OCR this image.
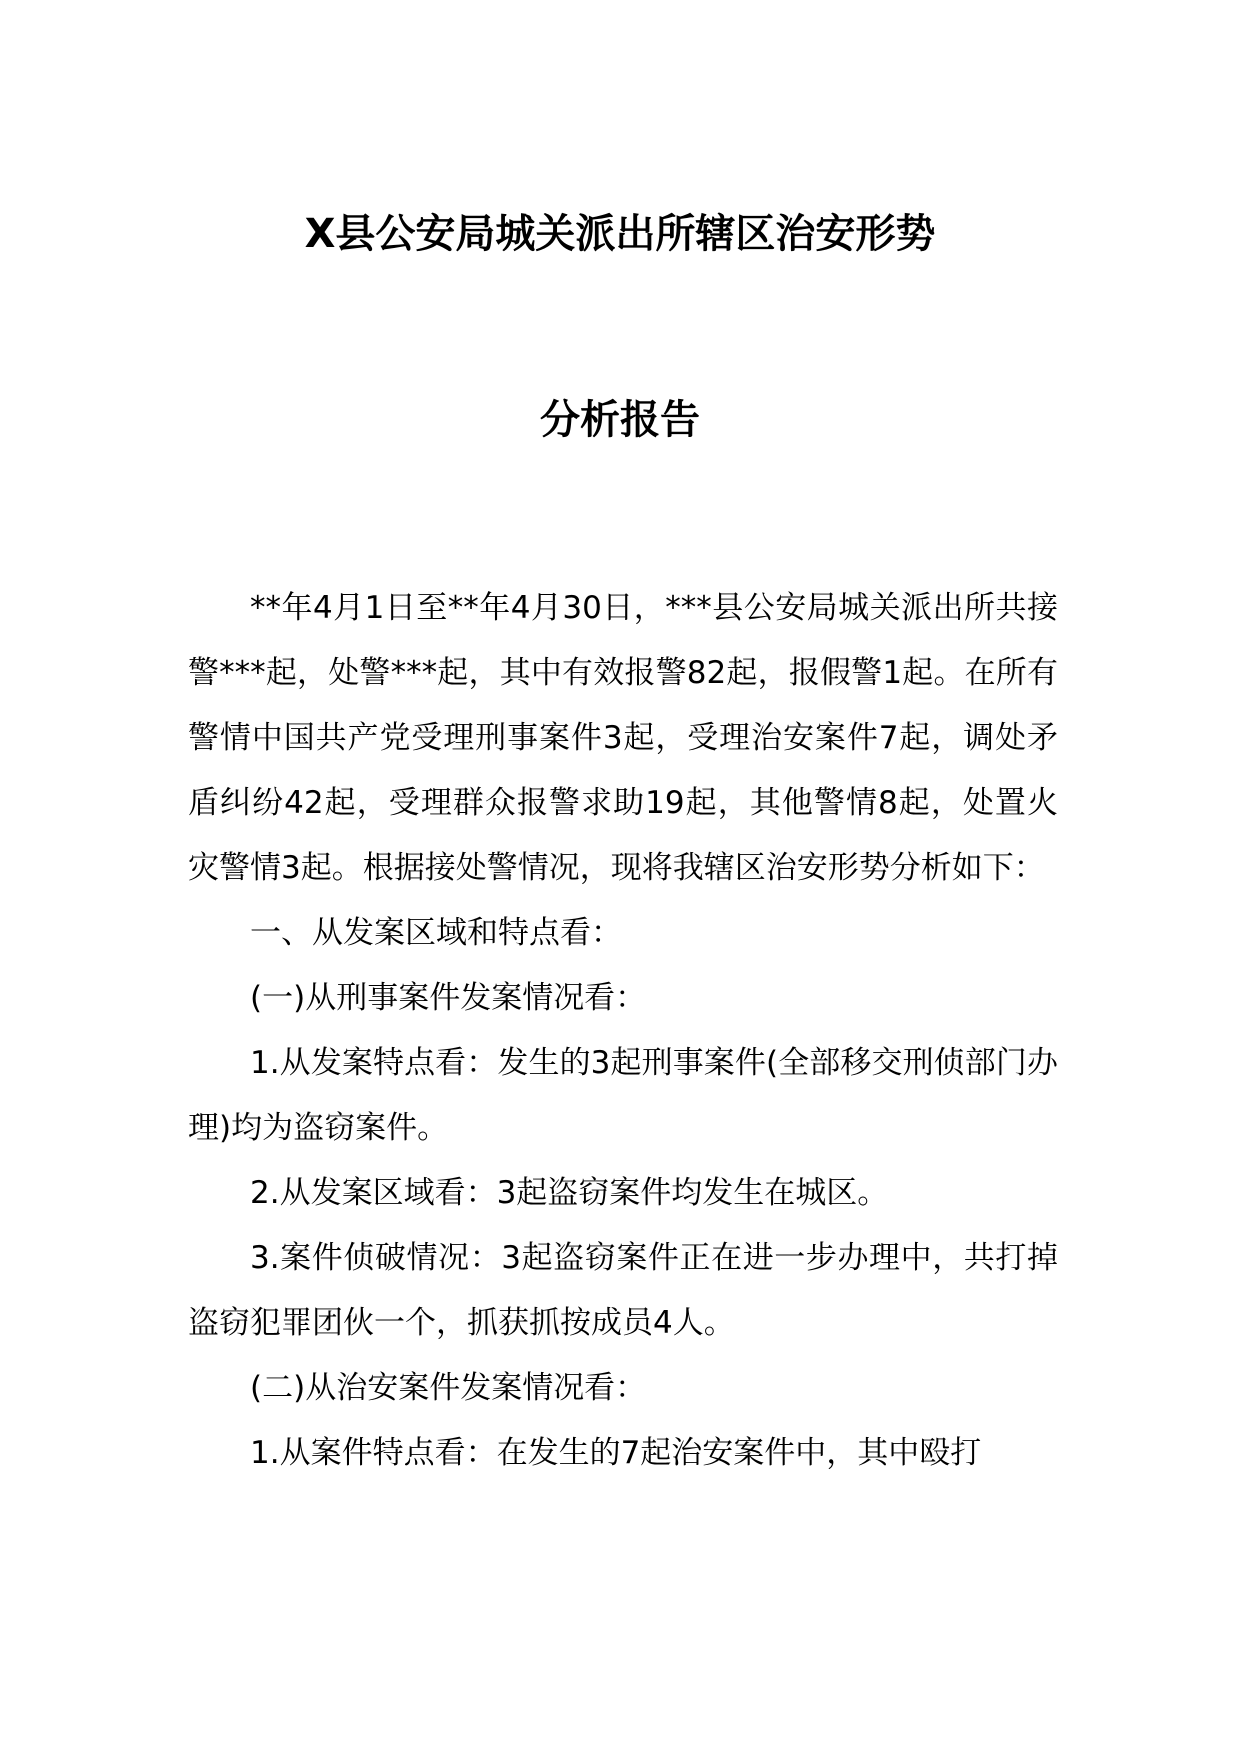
X县公安局城关派出所辖区治安形势
分析报告

**年4月1日至**年4月30日，***县公安局城关派出所共接警***起，处警***起，其中有效报警82起，报假警1起。在所有警情中国共产党受理刑事案件3起，受理治安案件7起，调处矛盾纠纷42起，受理群众报警求助19起，其他警情8起，处置火灾警情3起。根据接处警情况，现将我辖区治安形势分析如下：

一、从发案区域和特点看：

(一)从刑事案件发案情况看：

1.从发案特点看：发生的3起刑事案件(全部移交刑侦部门办理)均为盗窃案件。

2.从发案区域看：3起盗窃案件均发生在城区。

3.案件侦破情况：3起盗窃案件正在进一步办理中，共打掉盗窃犯罪团伙一个，抓获抓按成员4人。

(二)从治安案件发案情况看：

1.从案件特点看：在发生的7起治安案件中，其中殴打
